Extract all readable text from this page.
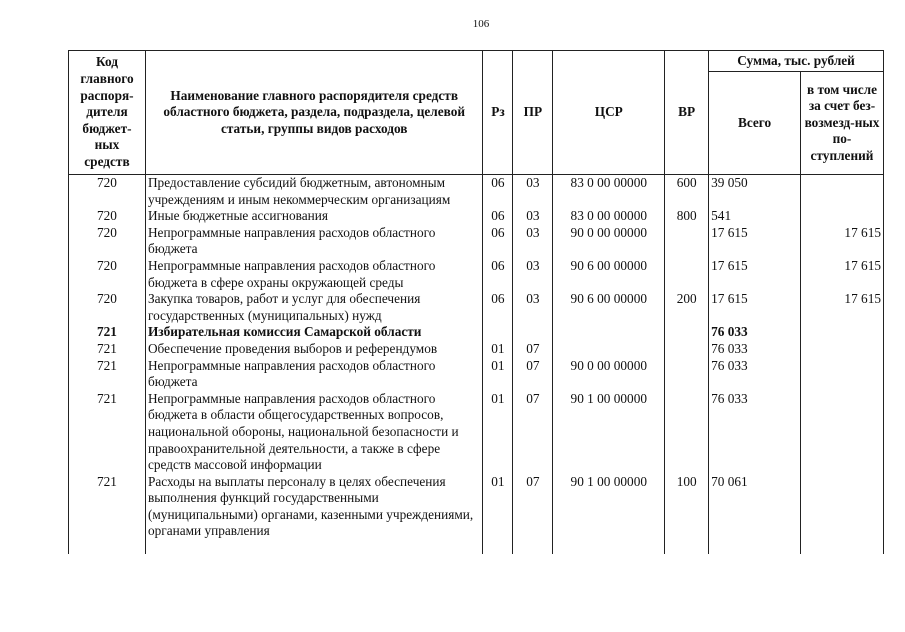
106
Код главного распоря-дителя бюджет-ных средств	Наименование главного распорядителя средств областного бюджета, раздела, подраздела, целевой статьи, группы видов расходов	Рз	ПР	ЦСР	ВР	Сумма, тыс. рублей	
						Всего	в том числе за счет без-возмезд-ных по-ступлений
720	Предоставление субсидий бюджетным, автономным учреждениям и иным некоммерческим организациям	06	03	83 0 00 00000	600	39 050	
720	Иные бюджетные ассигнования	06	03	83 0 00 00000	800	541	
720	Непрограммные направления расходов областного бюджета	06	03	90 0 00 00000		17 615	17 615
720	Непрограммные направления расходов областного бюджета в сфере охраны окружающей среды	06	03	90 6 00 00000		17 615	17 615
720	Закупка товаров, работ и услуг для обеспечения государственных (муниципальных) нужд	06	03	90 6 00 00000	200	17 615	17 615
721	Избирательная комиссия Самарской области					76 033	
721	Обеспечение проведения выборов и референдумов	01	07			76 033	
721	Непрограммные направления расходов областного бюджета	01	07	90 0 00 00000		76 033	
721	Непрограммные направления расходов областного бюджета в области общегосударственных вопросов, национальной обороны, национальной безопасности и правоохранительной деятельности, а также в сфере средств массовой информации	01	07	90 1 00 00000		76 033	
721	Расходы на выплаты персоналу в целях обеспечения выполнения функций государственными (муниципальными) органами, казенными учреждениями, органами управления	01	07	90 1 00 00000	100	70 061	
